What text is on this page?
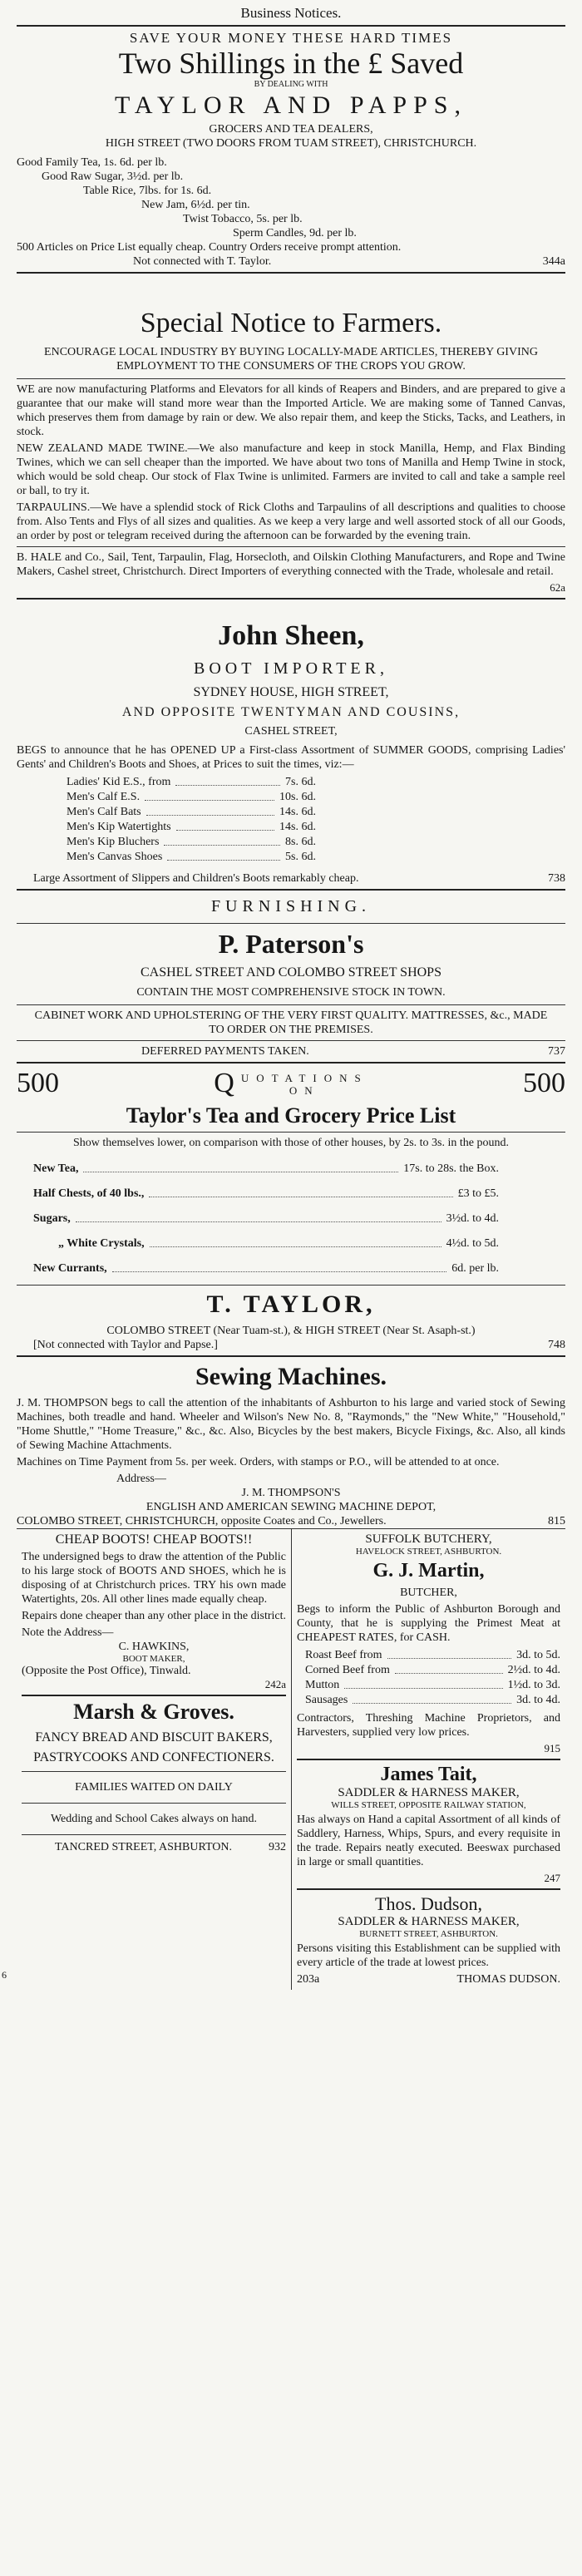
Business Notices.
SAVE YOUR MONEY THESE HARD TIMES
Two Shillings in the £ Saved
BY DEALING WITH
TAYLOR AND PAPPS,
GROCERS AND TEA DEALERS,
HIGH STREET (TWO DOORS FROM TUAM STREET), CHRISTCHURCH.
Good Family Tea, 1s. 6d. per lb.
Good Raw Sugar, 3½d. per lb.
Table Rice, 7lbs. for 1s. 6d.
New Jam, 6½d. per tin.
Twist Tobacco, 5s. per lb.
Sperm Candles, 9d. per lb.
500 Articles on Price List equally cheap. Country Orders receive prompt attention.
Not connected with T. Taylor.	344a
Special Notice to Farmers.
ENCOURAGE LOCAL INDUSTRY BY BUYING LOCALLY-MADE ARTICLES, THEREBY GIVING EMPLOYMENT TO THE CONSUMERS OF THE CROPS YOU GROW.

WE are now manufacturing Platforms and Elevators for all kinds of Reapers and Binders, and are prepared to give a guarantee that our make will stand more wear than the Imported Article. We are making some of Tanned Canvas, which preserves them from damage by rain or dew. We also repair them, and keep the Sticks, Tacks, and Leathers, in stock.

NEW ZEALAND MADE TWINE.—We also manufacture and keep in stock Manilla, Hemp, and Flax Binding Twines, which we can sell cheaper than the imported. We have about two tons of Manilla and Hemp Twine in stock, which would be sold cheap. Our stock of Flax Twine is unlimited. Farmers are invited to call and take a sample reel or ball, to try it.

TARPAULINS.—We have a splendid stock of Rick Cloths and Tarpaulins of all descriptions and qualities to choose from. Also Tents and Flys of all sizes and qualities. As we keep a very large and well assorted stock of all our Goods, an order by post or telegram received during the afternoon can be forwarded by the evening train.

B. HALE and Co., Sail, Tent, Tarpaulin, Flag, Horsecloth, and Oilskin Clothing Manufacturers, and Rope and Twine Makers, Cashel street, Christchurch. Direct Importers of everything connected with the Trade, wholesale and retail.

62a
John Sheen,
BOOT IMPORTER,
SYDNEY HOUSE, HIGH STREET,
AND OPPOSITE TWENTYMAN AND COUSINS,
CASHEL STREET,

BEGS to announce that he has OPENED UP a First-class Assortment of SUMMER GOODS, comprising Ladies' Gents' and Children's Boots and Shoes, at Prices to suit the times, viz:—

Ladies' Kid E.S., from	7s. 6d.
Men's Calf E.S.	10s. 6d.
Men's Calf Bats	14s. 6d.
Men's Kip Watertights	14s. 6d.
Men's Kip Bluchers	8s. 6d.
Men's Canvas Shoes	5s. 6d.
Large Assortment of Slippers and Children's Boots remarkably cheap.	738
FURNISHING.
P. Paterson's
CASHEL STREET AND COLOMBO STREET SHOPS
CONTAIN THE MOST COMPREHENSIVE STOCK IN TOWN.
CABINET WORK AND UPHOLSTERING OF THE VERY FIRST QUALITY. MATTRESSES, &c., MADE TO ORDER ON THE PREMISES.
DEFERRED PAYMENTS TAKEN.	737
500	Q UOTATIONS
ON	500
Taylor's Tea and Grocery Price List
Show themselves lower, on comparison with those of other houses, by 2s. to 3s. in the pound.
New Tea,	17s. to 28s. the Box.
Half Chests, of 40 lbs.,	£3 to £5.
Sugars,	3½d. to 4d.
„ White Crystals,	4½d. to 5d.
New Currants,	6d. per lb.
T. TAYLOR,
COLOMBO STREET (Near Tuam-st.), & HIGH STREET (Near St. Asaph-st.)
[Not connected with Taylor and Papse.]	748
Sewing Machines.

J. M. THOMPSON begs to call the attention of the inhabitants of Ashburton to his large and varied stock of Sewing Machines, both treadle and hand. Wheeler and Wilson's New No. 8, "Raymonds," the "New White," "Household," "Home Shuttle," "Home Treasure," &c., &c. Also, Bicycles by the best makers, Bicycle Fixings, &c. Also, all kinds of Sewing Machine Attachments.

Machines on Time Payment from 5s. per week. Orders, with stamps or P.O., will be attended to at once.

Address—
J. M. THOMPSON'S
ENGLISH AND AMERICAN SEWING MACHINE DEPOT,
COLOMBO STREET, CHRISTCHURCH, opposite Coates and Co., Jewellers.	815
CHEAP BOOTS! CHEAP BOOTS!!

The undersigned begs to draw the attention of the Public to his large stock of BOOTS AND SHOES, which he is disposing of at Christchurch prices. TRY his own made Watertights, 20s. All other lines made equally cheap.

Repairs done cheaper than any other place in the district.

Note the Address—
C. HAWKINS,
BOOT MAKER,
(Opposite the Post Office), Tinwald.
242a
Marsh & Groves.
FANCY BREAD AND BISCUIT BAKERS,
PASTRYCOOKS AND CONFECTIONERS.
FAMILIES WAITED ON DAILY
Wedding and School Cakes always on hand.
TANCRED STREET, ASHBURTON.	932
SUFFOLK BUTCHERY,
HAVELOCK STREET, ASHBURTON.
G. J. Martin,
BUTCHER,

Begs to inform the Public of Ashburton Borough and County, that he is supplying the Primest Meat at CHEAPEST RATES, for CASH.

Roast Beef from	3d. to 5d.
Corned Beef from	2½d. to 4d.
Mutton	1½d. to 3d.
Sausages	3d. to 4d.

Contractors, Threshing Machine Proprietors, and Harvesters, supplied very low prices.

915
James Tait,
SADDLER & HARNESS MAKER,
WILLS STREET, OPPOSITE RAILWAY STATION,

Has always on Hand a capital Assortment of all kinds of Saddlery, Harness, Whips, Spurs, and every requisite in the trade. Repairs neatly executed. Beeswax purchased in large or small quantities.

247
Thos. Dudson,
SADDLER & HARNESS MAKER,
BURNETT STREET, ASHBURTON.

Persons visiting this Establishment can be supplied with every article of the trade at lowest prices.

203a	THOMAS DUDSON.
6
